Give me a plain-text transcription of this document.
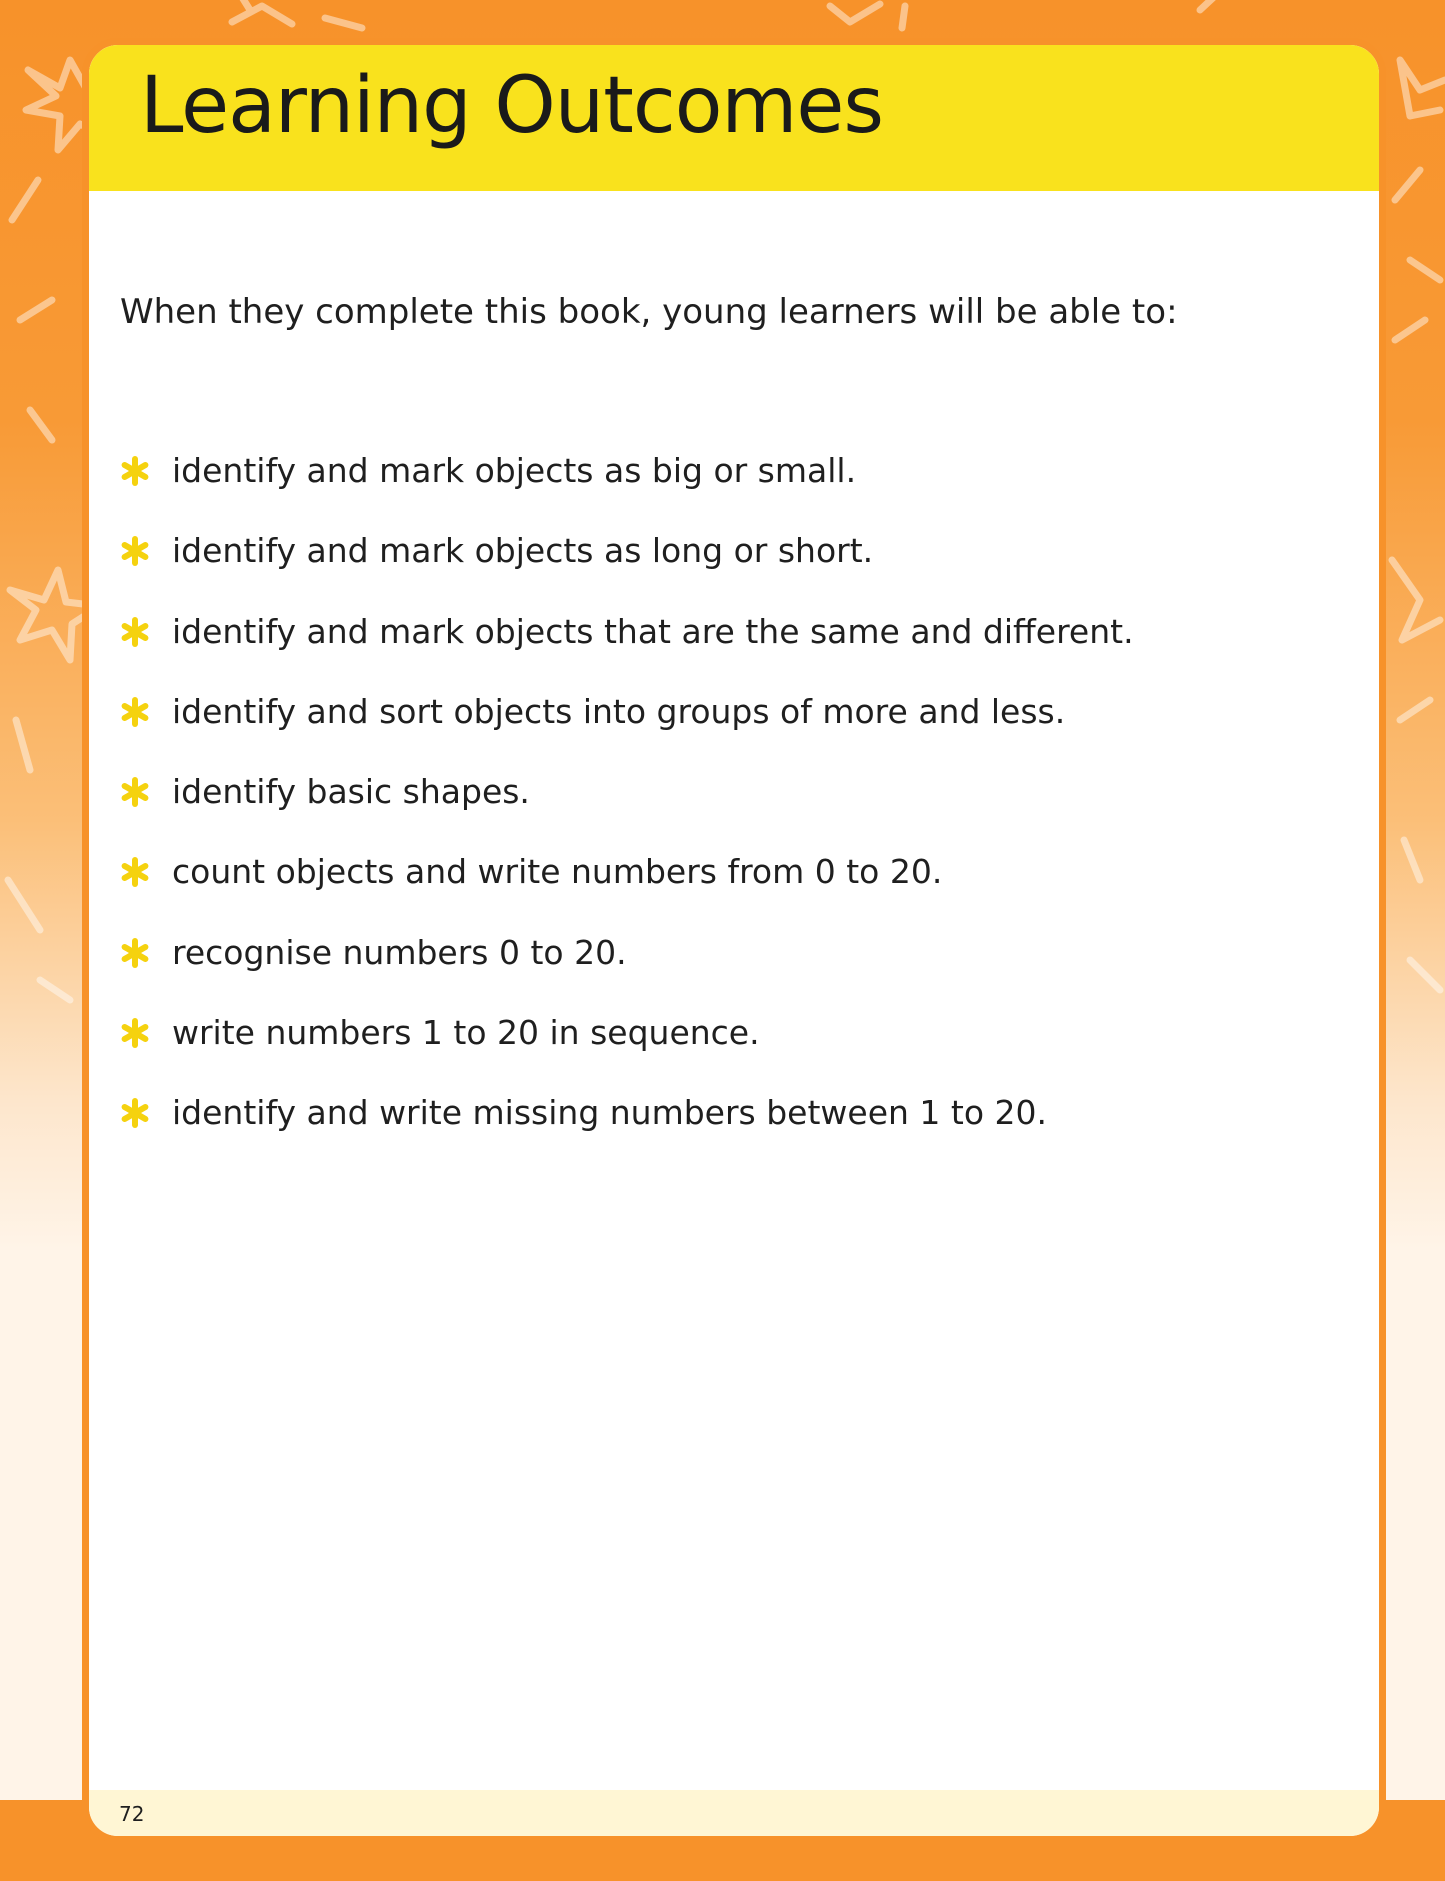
Learning Outcomes

When they complete this book, young learners will be able to:

identify and mark objects as big or small.
identify and mark objects as long or short.
identify and mark objects that are the same and different.
identify and sort objects into groups of more and less.
identify basic shapes.
count objects and write numbers from 0 to 20.
recognise numbers 0 to 20.
write numbers 1 to 20 in sequence.
identify and write missing numbers between 1 to 20.
72
